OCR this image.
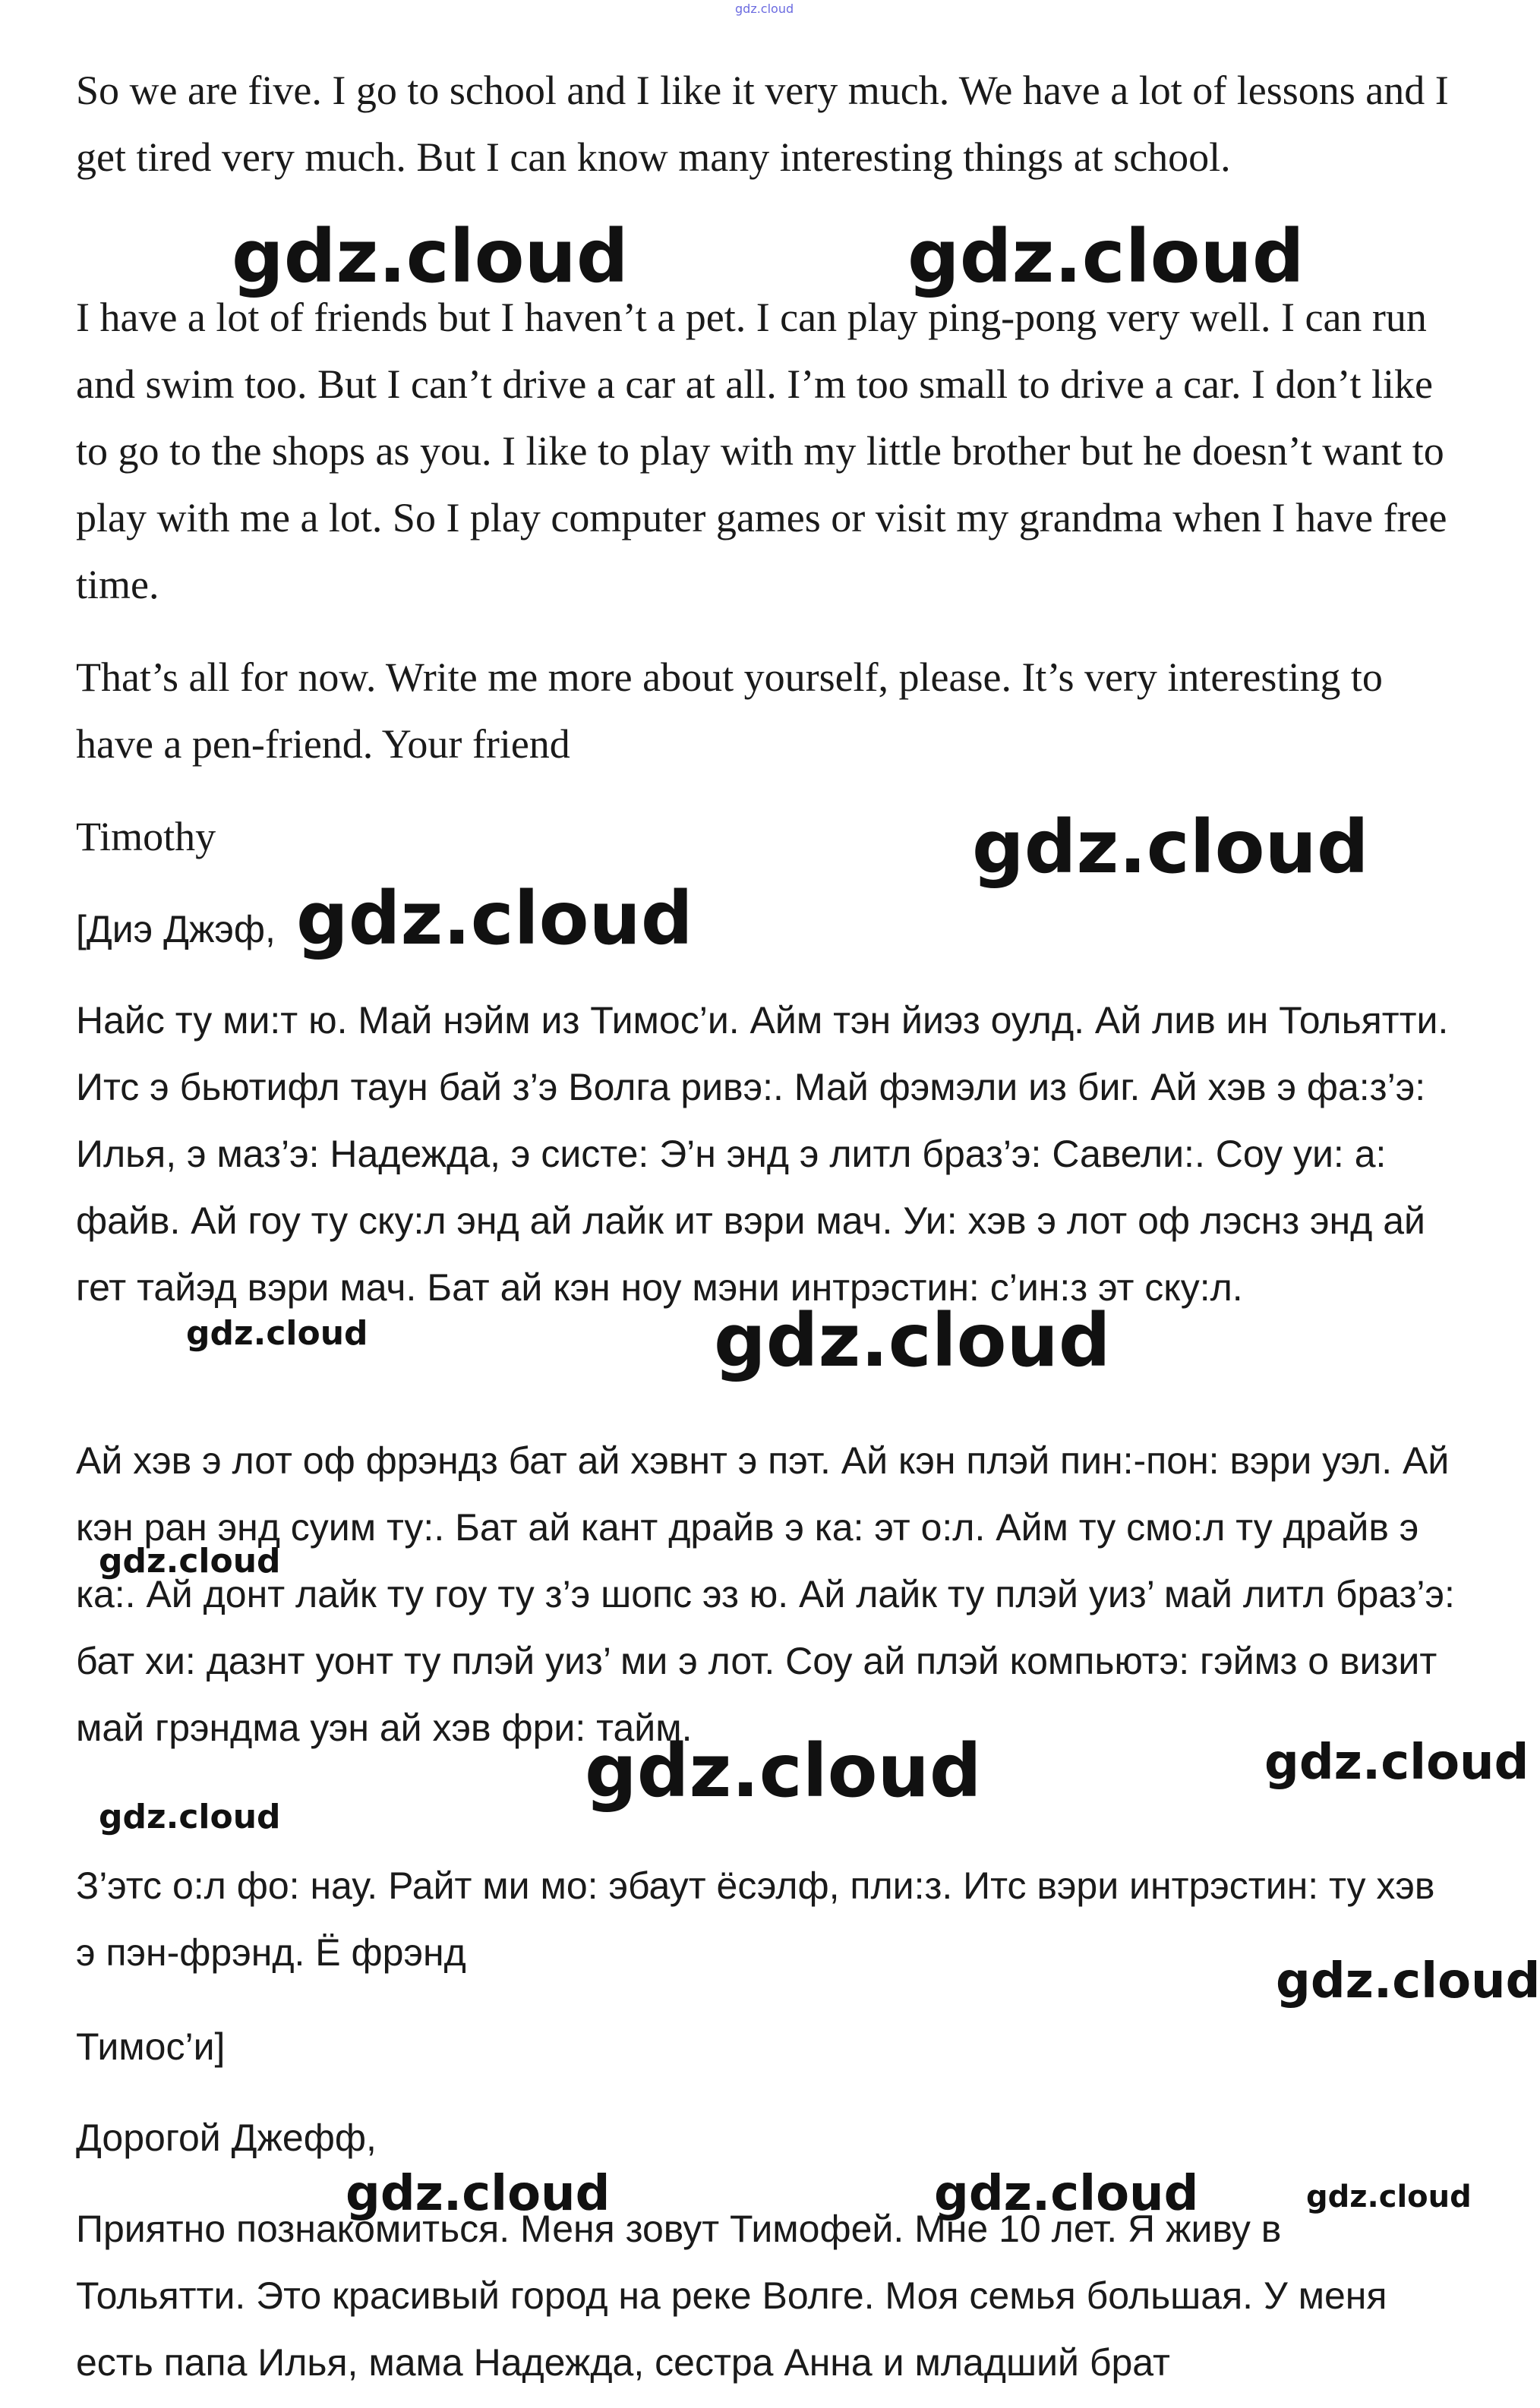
gdz.cloud

So we are five. I go to school and I like it very much. We have a lot of lessons and I get tired very much. But I can know many interesting things at school.

I have a lot of friends but I haven’t a pet. I can play ping-pong very well. I can run and swim too. But I can’t drive a car at all. I’m too small to drive a car. I don’t like to go to the shops as you. I like to play with my little brother but he doesn’t want to play with me a lot. So I play computer games or visit my grandma when I have free time.

That’s all for now. Write me more about yourself, please. It’s very interesting to have a pen-friend. Your friend

Timothy

[Диэ Джэф,

Найс ту ми:т ю. Май нэйм из Тимос’и. Айм тэн йиэз оулд. Ай лив ин Тольятти. Итс э бьютифл таун бай з’э Волга ривэ:. Май фэмэли из биг. Ай хэв э фа:з’э: Илья, э маз’э: Надежда, э систе: Э’н энд э литл браз’э: Савели:. Соу уи: а: файв. Ай гоу ту ску:л энд ай лайк ит вэри мач. Уи: хэв э лот оф лэснз энд ай гет тайэд вэри мач. Бат ай кэн ноу мэни интрэстин: с’ин:з эт ску:л.

Ай хэв э лот оф фрэндз бат ай хэвнт э пэт. Ай кэн плэй пин:-пон: вэри уэл. Ай кэн ран энд суим ту:. Бат ай кант драйв э ка: эт о:л. Айм ту смо:л ту драйв э ка:. Ай донт лайк ту гоу ту з’э шопс эз ю. Ай лайк ту плэй уиз’ май литл браз’э: бат хи: дазнт уонт ту плэй уиз’ ми э лот. Соу ай плэй компьютэ: гэймз о визит май грэндма уэн ай хэв фри: тайм.

З’этс о:л фо: нау. Райт ми мо: эбаут ёсэлф, пли:з. Итс вэри интрэстин: ту хэв э пэн-фрэнд. Ё фрэнд

Тимос’и]

Дорогой Джефф,

Приятно познакомиться. Меня зовут Тимофей. Мне 10 лет. Я живу в Тольятти. Это красивый город на реке Волге. Моя семья большая. У меня есть папа Илья, мама Надежда, сестра Анна и младший брат

gdz.cloud	gdz.cloud
gdz.cloud
gdz.cloud
gdz.cloud	gdz.cloud
gdz.cloud
gdz.cloud	gdz.cloud
gdz.cloud
gdz.cloud
gdz.cloud	gdz.cloud	gdz.cloud
